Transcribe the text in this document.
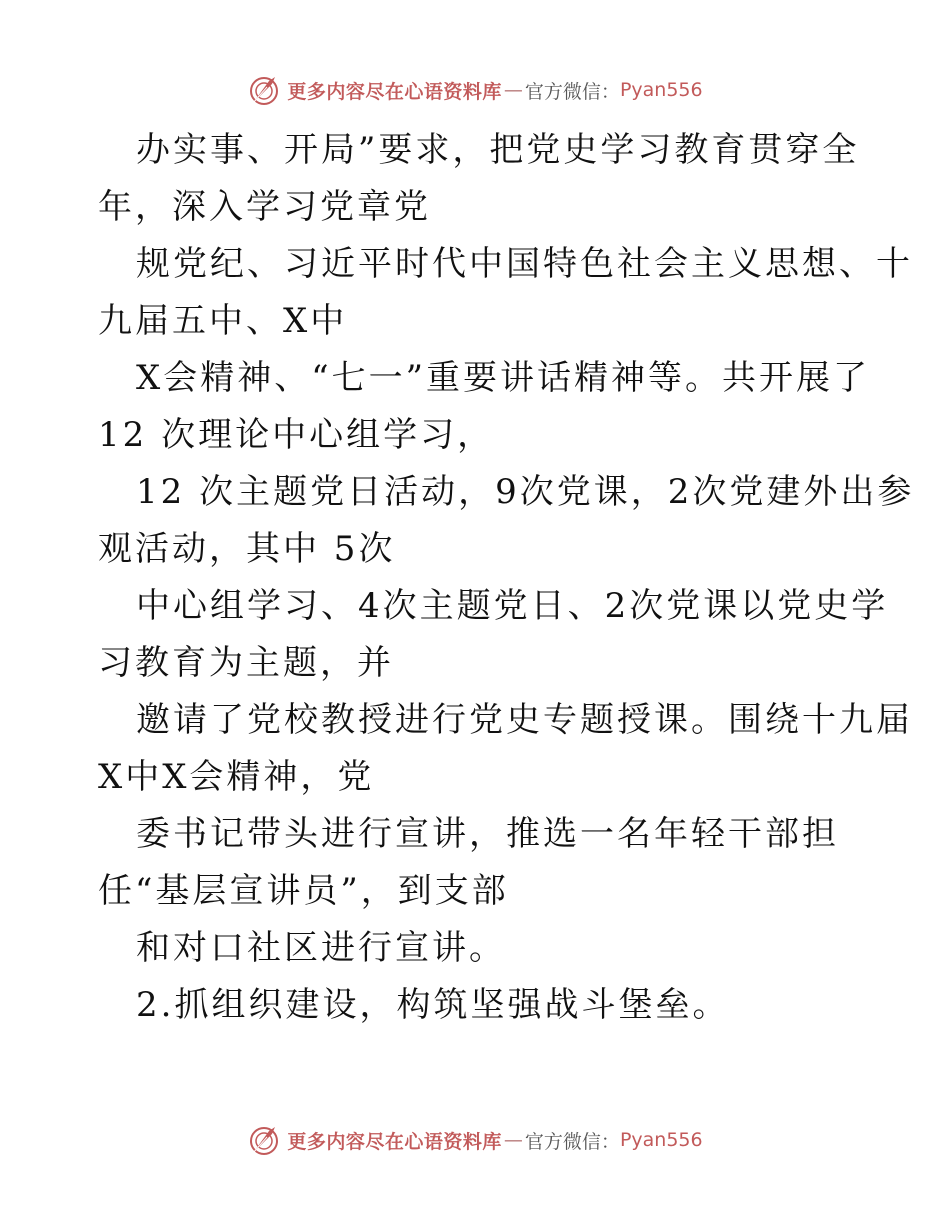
更多内容尽在心语资料库 — 官方微信： Pyan556
办实事、开局”要求，把党史学习教育贯穿全
年，深入学习党章党
规党纪、习近平时代中国特色社会主义思想、十
九届五中、X中
X会精神、“七一”重要讲话精神等。共开展了
12 次理论中心组学习，
12 次主题党日活动，9次党课，2次党建外出参
观活动，其中 5次
中心组学习、4次主题党日、2次党课以党史学
习教育为主题，并
邀请了党校教授进行党史专题授课。围绕十九届
X中X会精神，党
委书记带头进行宣讲，推选一名年轻干部担
任“基层宣讲员”，到支部
和对口社区进行宣讲。
2.抓组织建设，构筑坚强战斗堡垒。
更多内容尽在心语资料库 — 官方微信： Pyan556
